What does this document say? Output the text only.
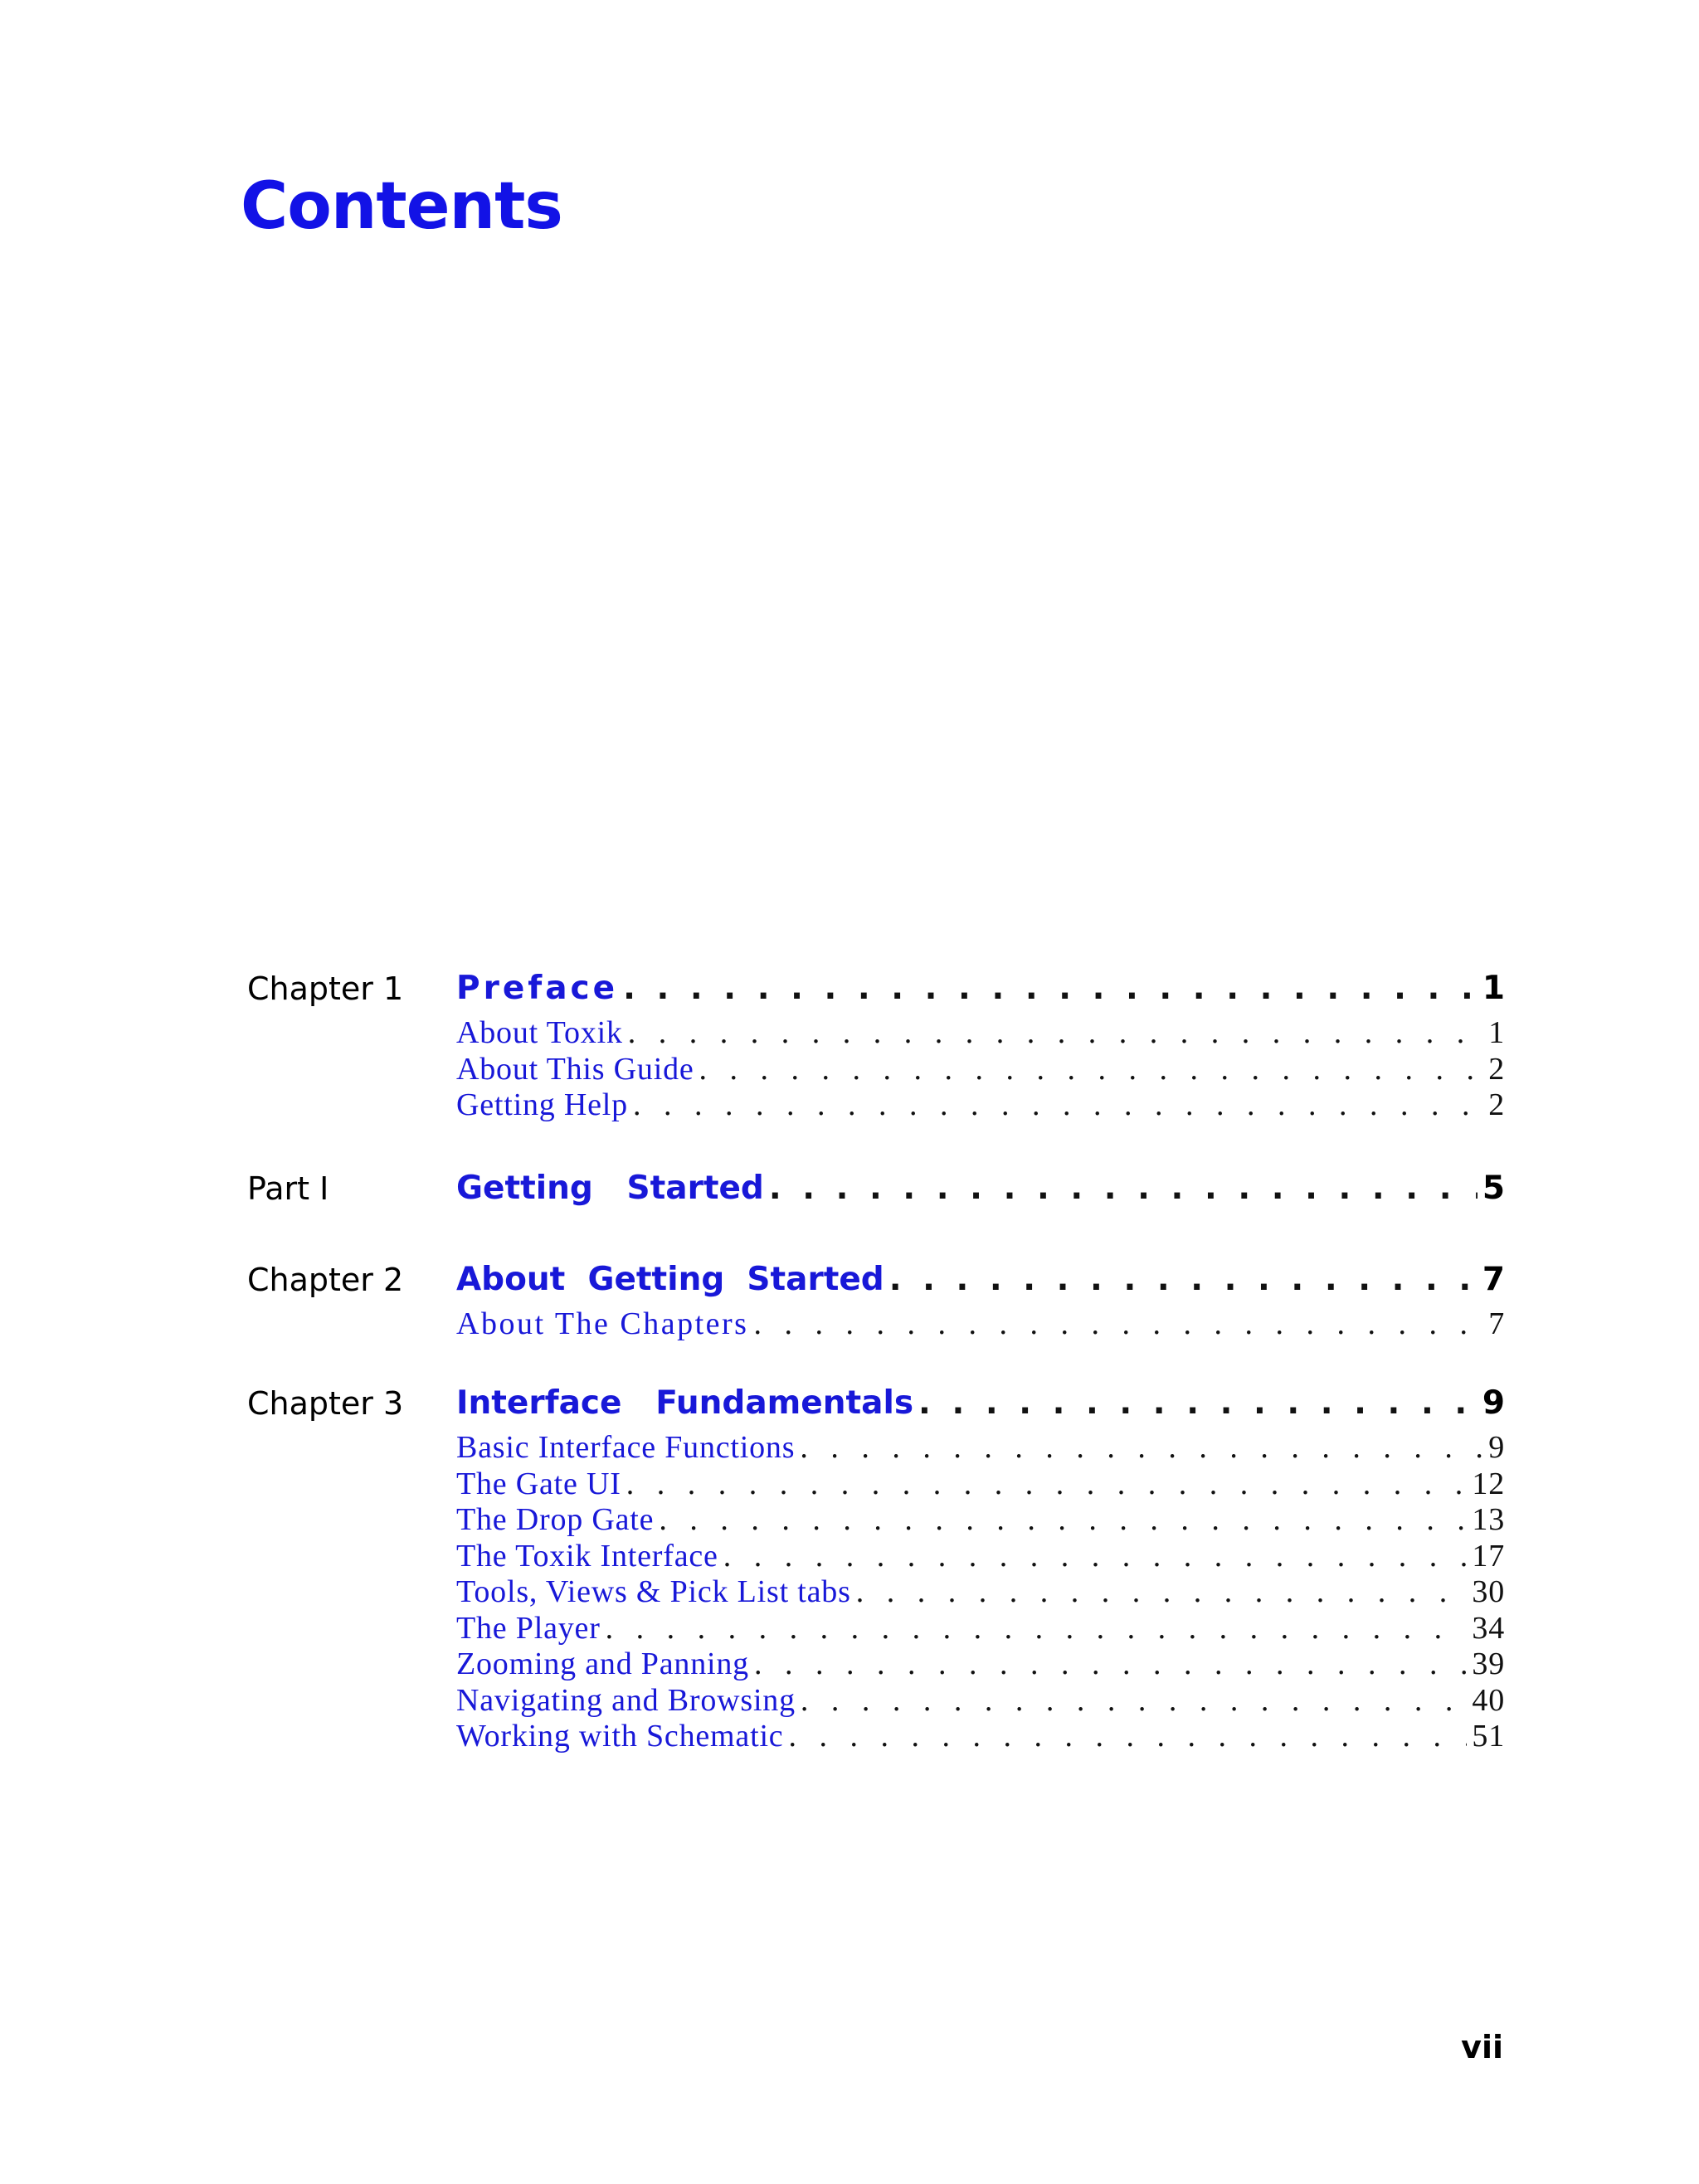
Contents
Chapter 1	Preface . . .	1
About Toxik . . .	1
About This Guide . . .	2
Getting Help . . .	2
Part I	Getting   Started . . .	5
Chapter 2	About  Getting  Started . . .	7
About The Chapters . . .	7
Chapter 3	Interface   Fundamentals . . .	9
Basic Interface Functions . . .	9
The Gate UI . . .	12
The Drop Gate . . .	13
The Toxik Interface . . .	17
Tools, Views & Pick List tabs . . .	30
The Player . . .	34
Zooming and Panning . . .	39
Navigating and Browsing . . .	40
Working with Schematic . . .	51
vii
